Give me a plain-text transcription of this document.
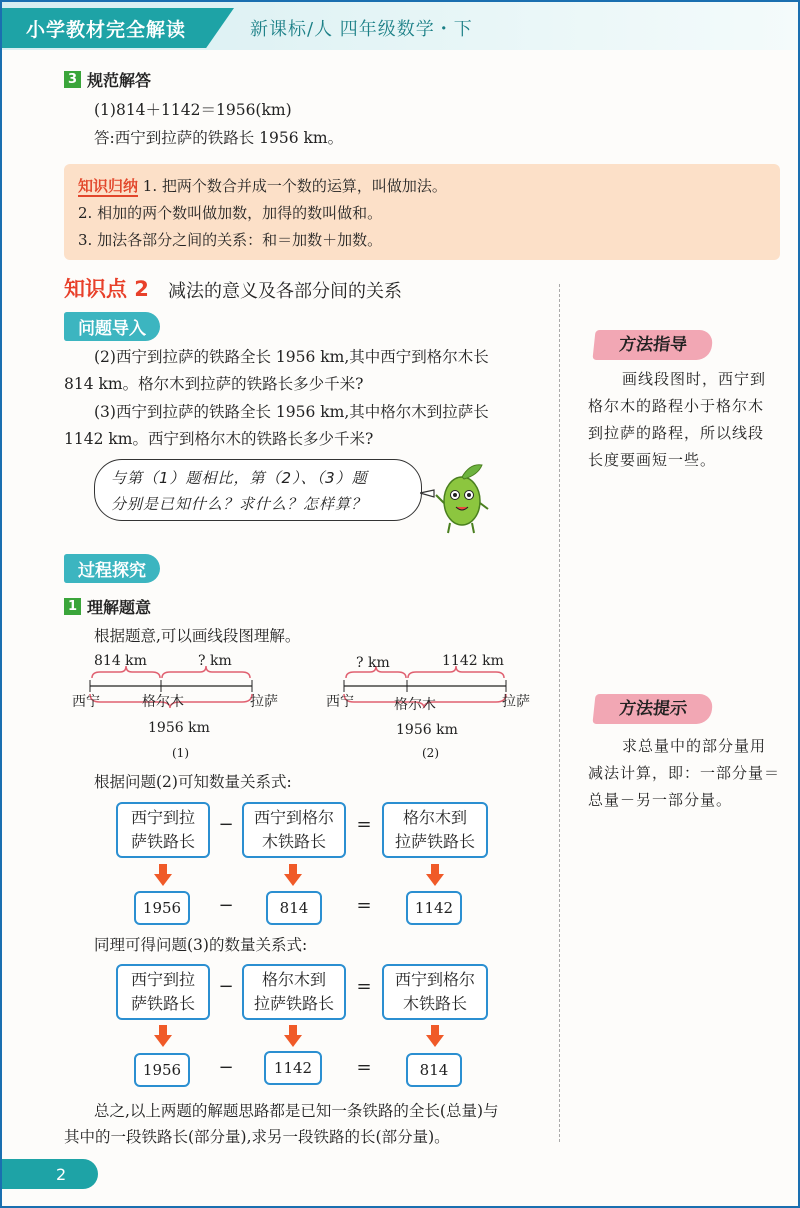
小学教材完全解读	新课标/人 四年级数学・下
3 规范解答
(1)814＋1142＝1956(km)
答:西宁到拉萨的铁路长 1956 km。
知识归纳 1. 把两个数合并成一个数的运算，叫做加法。
2. 相加的两个数叫做加数，加得的数叫做和。
3. 加法各部分之间的关系：和＝加数＋加数。
知识点 2 减法的意义及各部分间的关系
问题导入
(2)西宁到拉萨的铁路全长 1956 km,其中西宁到格尔木长
814 km。格尔木到拉萨的铁路长多少千米?
(3)西宁到拉萨的铁路全长 1956 km,其中格尔木到拉萨长
1142 km。西宁到格尔木的铁路长多少千米?
与第（1）题相比，第（2）、（3）题
分别是已知什么？求什么？怎样算？
过程探究
1 理解题意
根据题意,可以画线段图理解。
814 km	? km
西宁	格尔木	拉萨
1956 km
(1)
? km	1142 km
西宁	格尔木	拉萨
1956 km
(2)
根据问题(2)可知数量关系式:
西宁到拉
萨铁路长
−	西宁到格尔
木铁路长
=	格尔木到
拉萨铁路长
1956	−	814	=	1142
同理可得问题(3)的数量关系式:
西宁到拉
萨铁路长
−	格尔木到
拉萨铁路长
=	西宁到格尔
木铁路长
1956	−	1142	=	814
总之,以上两题的解题思路都是已知一条铁路的全长(总量)与
其中的一段铁路长(部分量),求另一段铁路的长(部分量)。
方法指导
画线段图时，西宁到
格尔木的路程小于格尔木
到拉萨的路程，所以线段
长度要画短一些。
方法提示
求总量中的部分量用
减法计算，即：一部分量＝
总量－另一部分量。
2
